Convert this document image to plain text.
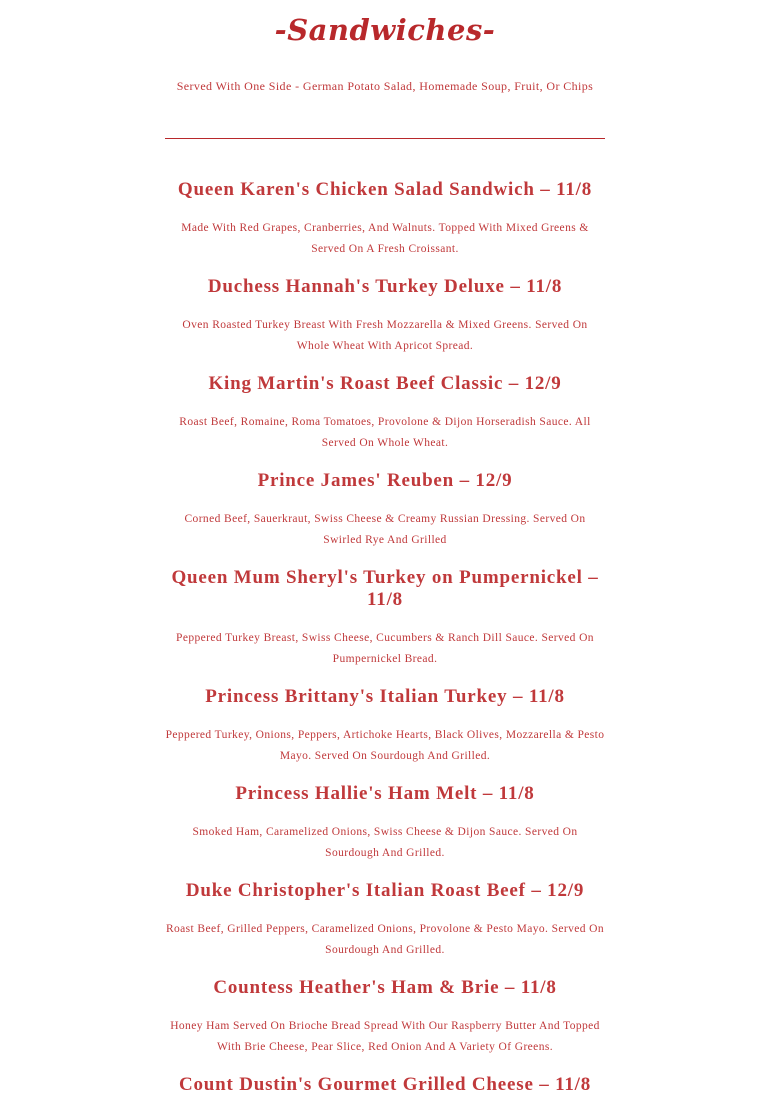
-Sandwiches-

Served With One Side - German Potato Salad, Homemade Soup, Fruit, Or Chips

Queen Karen's Chicken Salad Sandwich – 11/8

Made With Red Grapes, Cranberries, And Walnuts. Topped With Mixed Greens & Served On A Fresh Croissant.

Duchess Hannah's Turkey Deluxe – 11/8

Oven Roasted Turkey Breast With Fresh Mozzarella & Mixed Greens. Served On Whole Wheat With Apricot Spread.

King Martin's Roast Beef Classic – 12/9

Roast Beef, Romaine, Roma Tomatoes, Provolone & Dijon Horseradish Sauce. All Served On Whole Wheat.

Prince James' Reuben – 12/9

Corned Beef, Sauerkraut, Swiss Cheese & Creamy Russian Dressing. Served On Swirled Rye And Grilled

Queen Mum Sheryl's Turkey on Pumpernickel – 11/8

Peppered Turkey Breast, Swiss Cheese, Cucumbers & Ranch Dill Sauce. Served On Pumpernickel Bread.

Princess Brittany's Italian Turkey – 11/8

Peppered Turkey, Onions, Peppers, Artichoke Hearts, Black Olives, Mozzarella & Pesto Mayo. Served On Sourdough And Grilled.

Princess Hallie's Ham Melt – 11/8

Smoked Ham, Caramelized Onions, Swiss Cheese & Dijon Sauce. Served On Sourdough And Grilled.

Duke Christopher's Italian Roast Beef – 12/9

Roast Beef, Grilled Peppers, Caramelized Onions, Provolone & Pesto Mayo. Served On Sourdough And Grilled.

Countess Heather's Ham & Brie – 11/8

Honey Ham Served On Brioche Bread Spread With Our Raspberry Butter And Topped With Brie Cheese, Pear Slice, Red Onion And A Variety Of Greens.

Count Dustin's Gourmet Grilled Cheese – 11/8
